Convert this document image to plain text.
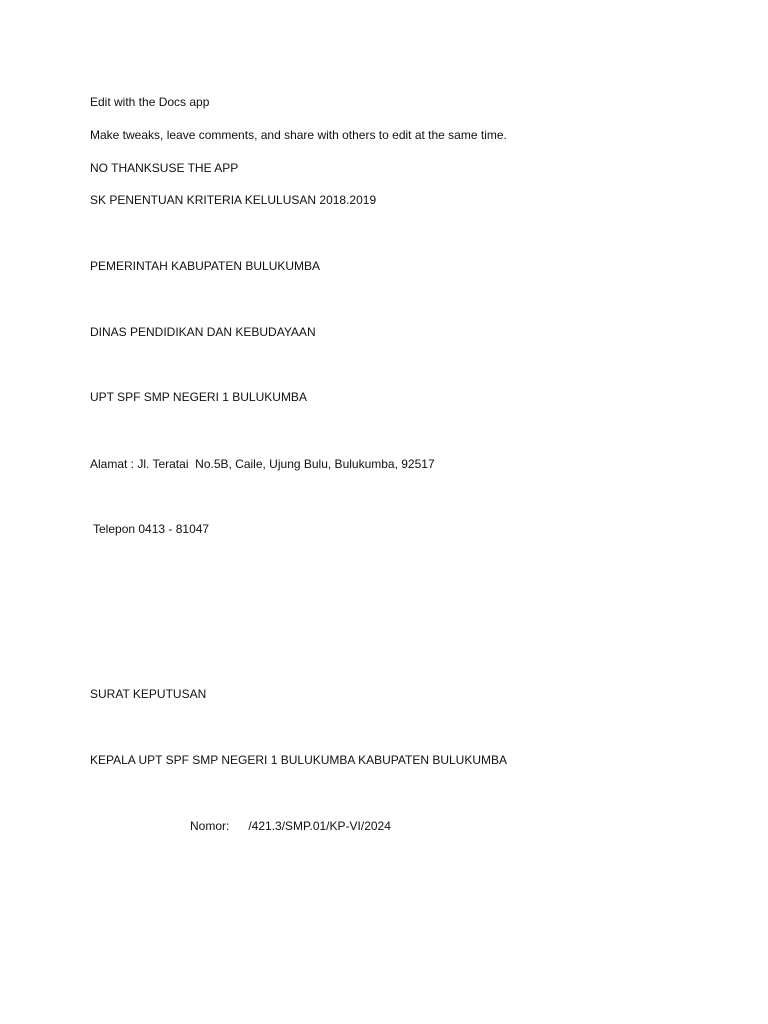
Edit with the Docs app

Make tweaks, leave comments, and share with others to edit at the same time.

NO THANKSUSE THE APP

SK PENENTUAN KRITERIA KELULUSAN 2018.2019

PEMERINTAH KABUPATEN BULUKUMBA

DINAS PENDIDIKAN DAN KEBUDAYAAN

UPT SPF SMP NEGERI 1 BULUKUMBA

Alamat : Jl. Teratai  No.5B, Caile, Ujung Bulu, Bulukumba, 92517

Telepon 0413 - 81047

SURAT KEPUTUSAN

KEPALA UPT SPF SMP NEGERI 1 BULUKUMBA KABUPATEN BULUKUMBA

Nomor: /421.3/SMP.01/KP-VI/2024
